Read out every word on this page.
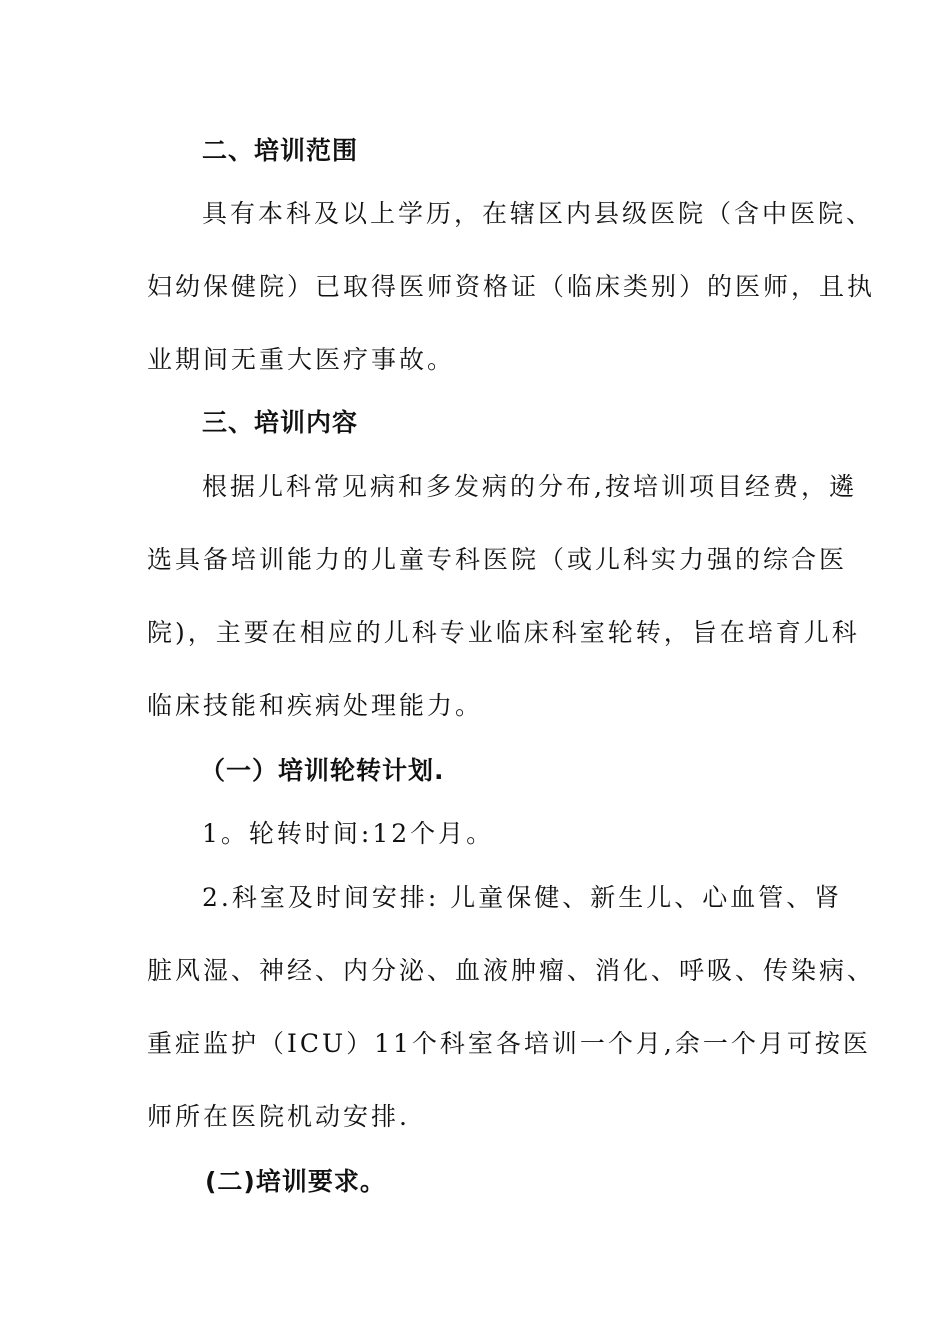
二、培训范围
具有本科及以上学历，在辖区内县级医院（含中医院、
妇幼保健院）已取得医师资格证（临床类别）的医师，且执
业期间无重大医疗事故。
三、培训内容
根据儿科常见病和多发病的分布,按培训项目经费，遴
选具备培训能力的儿童专科医院（或儿科实力强的综合医
院)，主要在相应的儿科专业临床科室轮转，旨在培育儿科
临床技能和疾病处理能力。
（一）培训轮转计划.
1。轮转时间:12个月。
2.科室及时间安排: 儿童保健、新生儿、心血管、肾
脏风湿、神经、内分泌、血液肿瘤、消化、呼吸、传染病、
重症监护（ICU）11个科室各培训一个月,余一个月可按医
师所在医院机动安排.
(二)培训要求。
